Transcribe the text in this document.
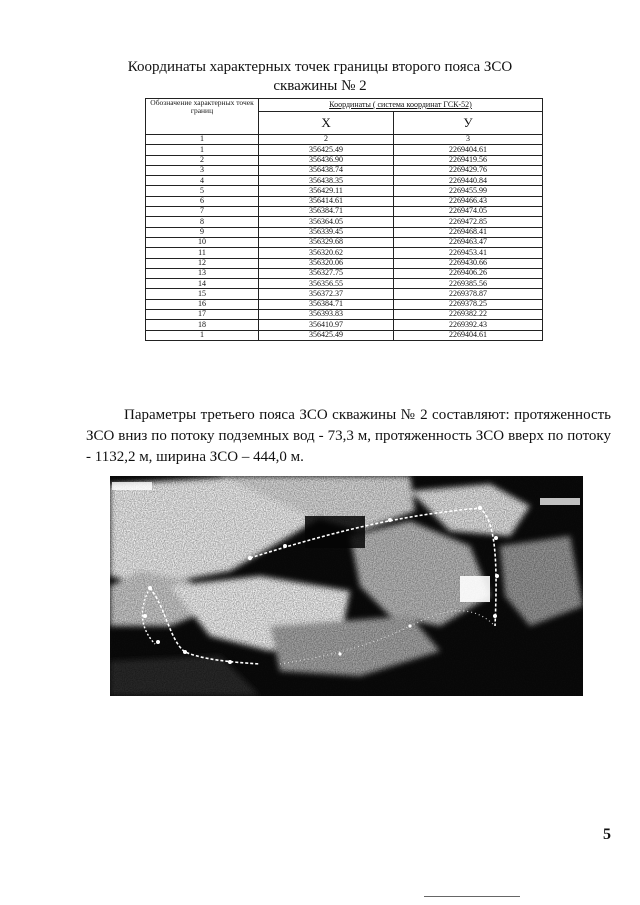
Координаты характерных точек границы второго пояса ЗСО
скважины № 2
Обозначение характерных точек границ	Координаты ( система координат ГСК-52)	
	X	У
1	2	3
1	356425.49	2269404.61
2	356436.90	2269419.56
3	356438.74	2269429.76
4	356438.35	2269440.84
5	356429.11	2269455.99
6	356414.61	2269466.43
7	356384.71	2269474.05
8	356364.05	2269472.85
9	356339.45	2269468.41
10	356329.68	2269463.47
11	356320.62	2269453.41
12	356320.06	2269430.66
13	356327.75	2269406.26
14	356356.55	2269385.56
15	356372.37	2269378.87
16	356384.71	2269378.25
17	356393.83	2269382.22
18	356410.97	2269392.43
1	356425.49	2269404.61
Параметры третьего пояса ЗСО скважины № 2 составляют: протяженность ЗСО вниз по потоку подземных вод - 73,3 м, протяженность ЗСО вверх по потоку - 1132,2 м, ширина ЗСО – 444,0 м.
5
